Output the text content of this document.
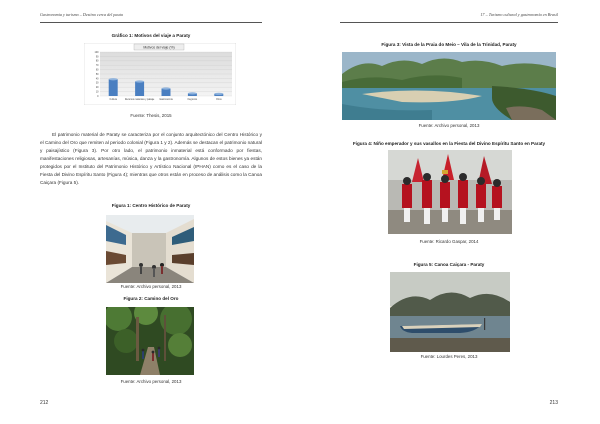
Gastronomia y turismo – Destino cerca del pauta
Gráfico 1: Motivos del viaje a Paraty
Motivos del viaje (%)
0
10
20
30
40
50
60
70
80
90
100
Cultura	Recursos naturales y paisaje	Gastronomía	Negocios	Otros
Fuente: Thesis, 2015

El patrimonio material de Paraty se caracteriza por el conjunto arquitectónico del Centro Histórico y el Camino del Oro que remiten al periodo colonial (Figura 1 y 2). Además se destacan el patrimonio natural y paisajístico (Figura 3). Por otro lado, el patrimonio inmaterial está conformado por fiestas, manifestaciones religiosas, artesanías, música, danza y la gastronomía. Algunos de estos bienes ya están protegidos por el Instituto del Patrimonio Histórico y Artístico Nacional (IPHAN) como es el caso de la Fiesta del Divino Espíritu Santo (Figura 4); mientras que otros están en proceso de análisis como la Canoa Caiçara (Figura 5).

Figura 1: Centro Histórico de Paraty
Fuente: Archivo personal, 2013
Figura 2: Camino del Oro
Fuente: Archivo personal, 2013
212
17 – Turismo cultural y gastronomía en Brasil
Figura 3: Vista de la Praia do Meio – Vila de la Trinidad, Paraty
Fuente: Archivo personal, 2013
Figura 4: Niño emperador y sus vasallos en la Fiesta del Divino Espíritu Santo en Paraty
Fuente: Ricardo Gaspar, 2014
Figura 5: Canoa Caiçara - Paraty
Fuente: Lourdes Peres, 2013
213
